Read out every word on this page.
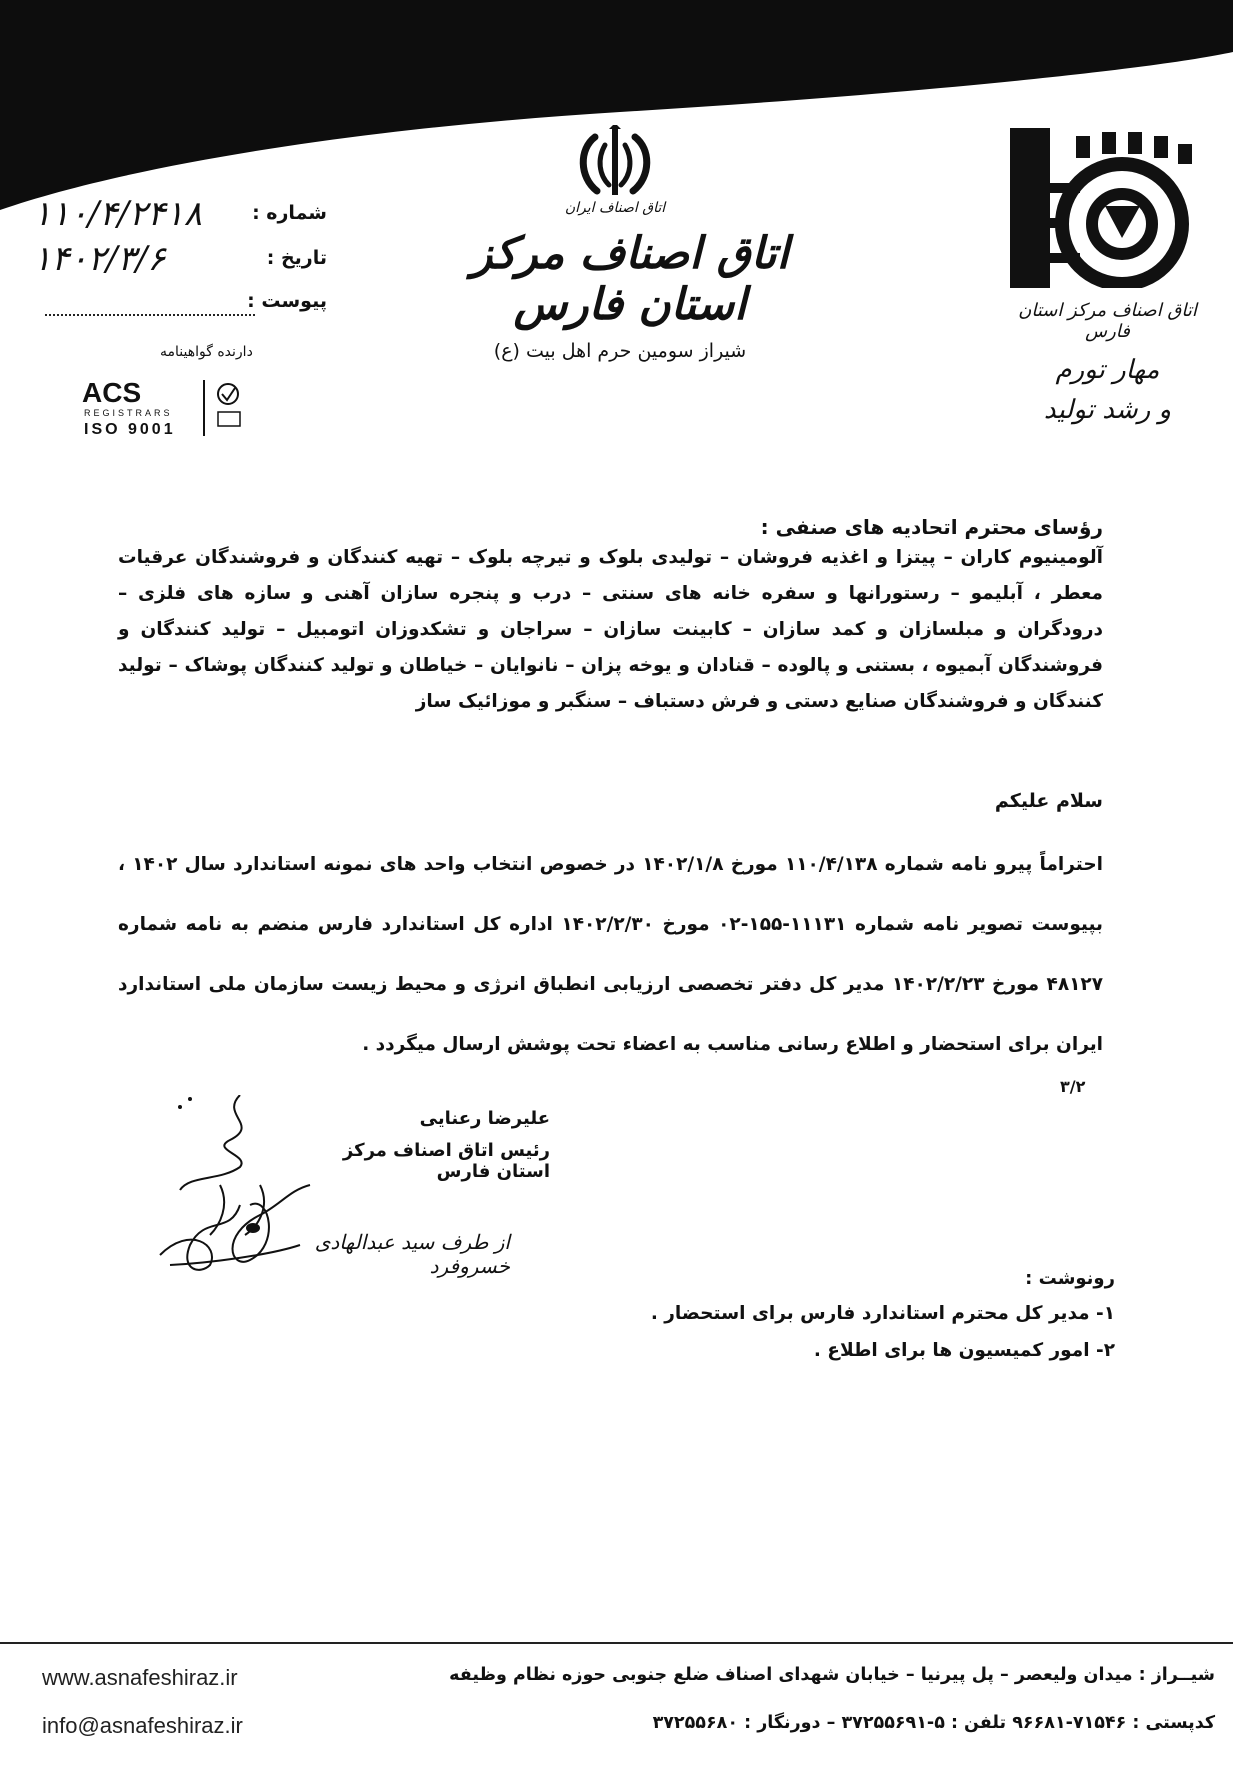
شماره :
۱۱۰/۴/۲۴۱۸
تاریخ :
۱۴۰۲/۳/۶
پیوست :
دارنده گواهینامه
ACS
REGISTRARS
ISO 9001
اتاق اصناف ایران
اتاق اصناف مرکز استان فارس
شیراز سومین حرم اهل بیت (ع)
اتاق اصناف مرکز استان فارس
مهار تورم
و رشد تولید
رؤسای محترم اتحادیه های صنفی :
آلومینیوم کاران – پیتزا و اغذیه فروشان – تولیدی بلوک و تیرچه بلوک – تهیه کنندگان و فروشندگان عرقیات معطر ، آبلیمو – رستورانها و سفره خانه های سنتی – درب و پنجره سازان آهنی و سازه های فلزی – درودگران و مبلسازان و کمد سازان – کابینت سازان – سراجان و تشکدوزان اتومبیل – تولید کنندگان و فروشندگان آبمیوه ، بستنی و پالوده – قنادان و یوخه پزان – نانوایان – خیاطان و تولید کنندگان پوشاک – تولید کنندگان و فروشندگان صنایع دستی و فرش دستباف – سنگبر و موزائیک ساز
سلام علیکم
احتراماً پیرو نامه شماره ۱۱۰/۴/۱۳۸ مورخ ۱۴۰۲/۱/۸ در خصوص انتخاب واحد های نمونه استاندارد سال ۱۴۰۲ ، بپیوست تصویر نامه شماره ۱۱۱۳۱-۱۵۵-۰۲ مورخ ۱۴۰۲/۲/۳۰ اداره کل استاندارد فارس منضم به نامه شماره ۴۸۱۲۷ مورخ ۱۴۰۲/۲/۲۳ مدیر کل دفتر تخصصی ارزیابی انطباق انرژی و محیط زیست سازمان ملی استاندارد ایران برای استحضار و اطلاع رسانی مناسب به اعضاء تحت پوشش ارسال میگردد .
۳/۲
علیرضا رعنایی
رئیس اتاق اصناف مرکز استان فارس
از طرف سید عبدالهادی خسروفرد
رونوشت :
۱- مدیر کل محترم استاندارد فارس برای استحضار .
۲- امور کمیسیون ها برای اطلاع .
www.asnafeshiraz.ir
info@asnafeshiraz.ir
شیــراز : میدان ولیعصر – پل پیرنیا – خیابان شهدای اصناف ضلع جنوبی حوزه نظام وظیفه
کدپستی : ۷۱۵۴۶-۹۶۶۸۱ تلفن : ۵-۳۷۲۵۵۶۹۱ – دورنگار : ۳۷۲۵۵۶۸۰
